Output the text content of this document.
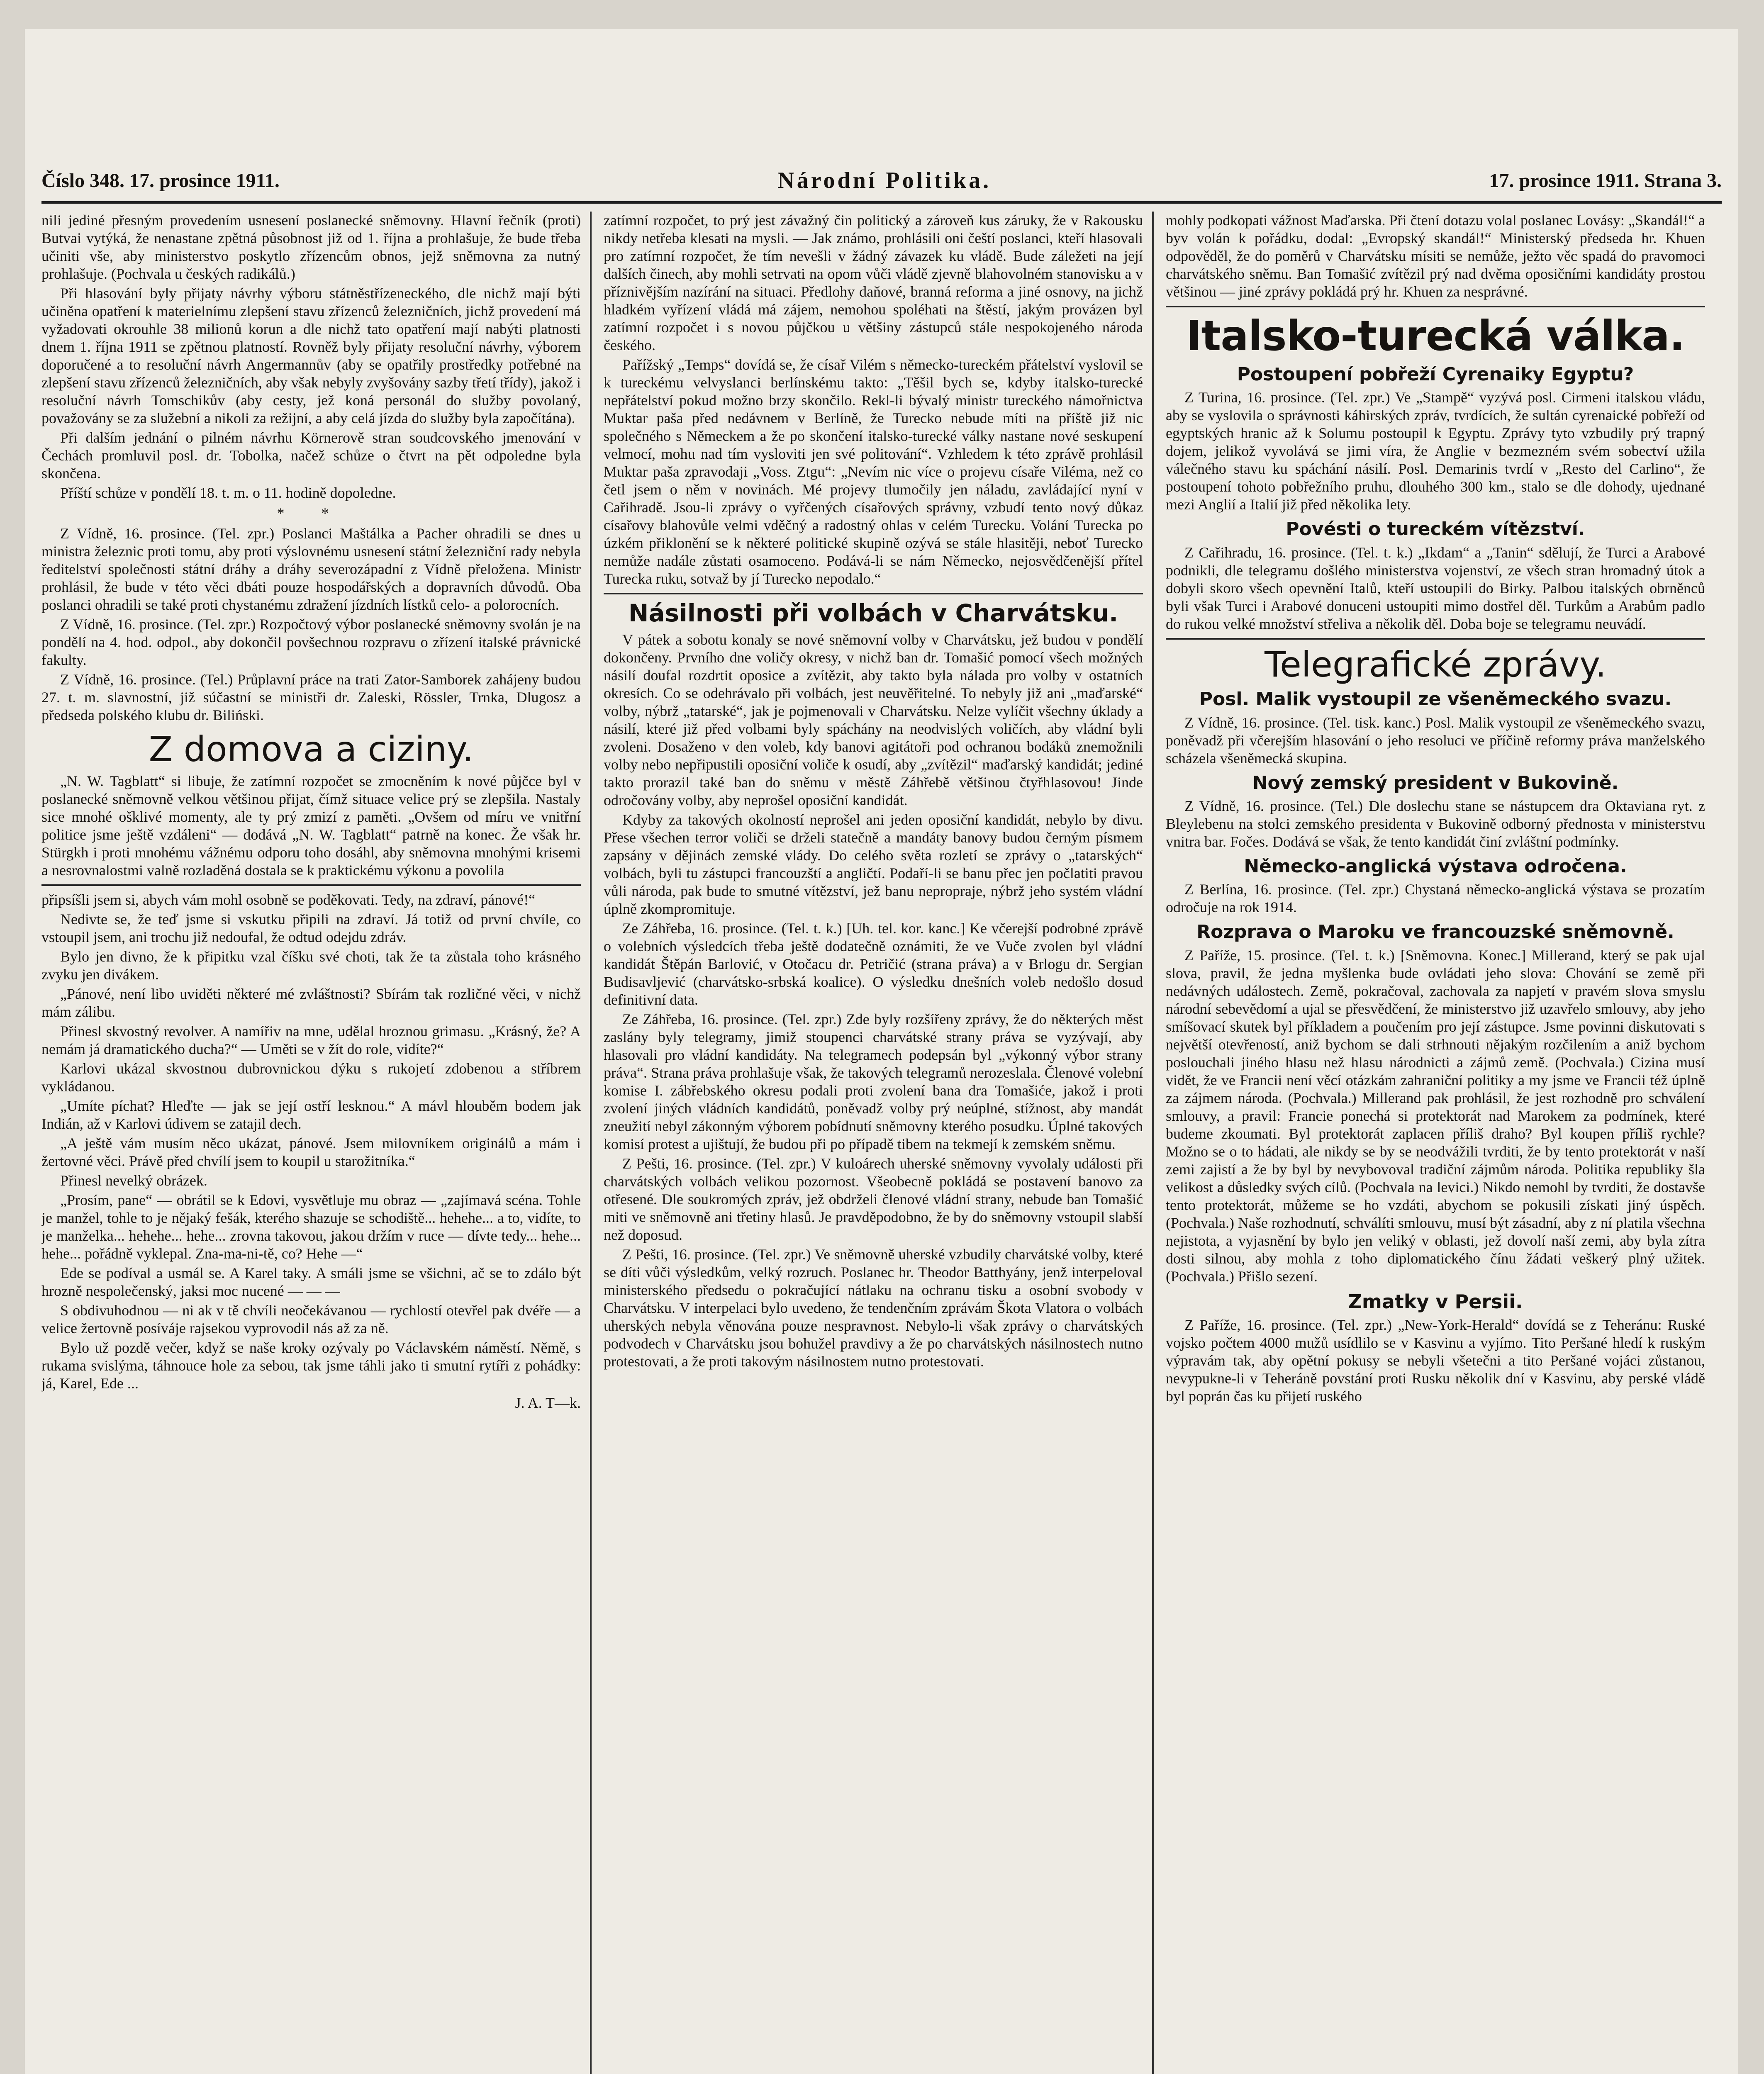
Číslo 348. 17. prosince 1911.	Národní Politika.	17. prosince 1911. Strana 3.

nili jediné přesným provedením usnesení poslanecké sněmovny. Hlavní řečník (proti) Butvai vytýká, že nenastane zpětná působnost již od 1. října a prohlašuje, že bude třeba učiniti vše, aby ministerstvo poskytlo zřízencům obnos, jejž sněmovna za nutný prohlašuje. (Pochvala u českých radikálů.)

Při hlasování byly přijaty návrhy výboru státněstřízeneckého, dle nichž mají býti učiněna opatření k materielnímu zlepšení stavu zřízenců železničních, jichž provedení má vyžadovati okrouhle 38 milionů korun a dle nichž tato opatření mají nabýti platnosti dnem 1. října 1911 se zpětnou platností. Rovněž byly přijaty resoluční návrhy, výborem doporučené a to resoluční návrh Angermannův (aby se opatřily prostředky potřebné na zlepšení stavu zřízenců železničních, aby však nebyly zvyšovány sazby třetí třídy), jakož i resoluční návrh Tomschikův (aby cesty, jež koná personál do služby povolaný, považovány se za služební a nikoli za režijní, a aby celá jízda do služby byla započítána).

Při dalším jednání o pilném návrhu Körnerově stran soudcovského jmenování v Čechách promluvil posl. dr. Tobolka, načež schůze o čtvrt na pět odpoledne byla skončena.

Příští schůze v pondělí 18. t. m. o 11. hodině dopoledne.

* *

Z Vídně, 16. prosince. (Tel. zpr.) Poslanci Maštálka a Pacher ohradili se dnes u ministra železnic proti tomu, aby proti výslovnému usnesení státní železniční rady nebyla ředitelství společnosti státní dráhy a dráhy severozápadní z Vídně přeložena. Ministr prohlásil, že bude v této věci dbáti pouze hospodářských a dopravních důvodů. Oba poslanci ohradili se také proti chystanému zdražení jízdních lístků celo- a polorocních.

Z Vídně, 16. prosince. (Tel. zpr.) Rozpočtový výbor poslanecké sněmovny svolán je na pondělí na 4. hod. odpol., aby dokončil povšechnou rozpravu o zřízení italské právnické fakulty.

Z Vídně, 16. prosince. (Tel.) Průplavní práce na trati Zator-Samborek zahájeny budou 27. t. m. slavnostní, již súčastní se ministři dr. Zaleski, Rössler, Trnka, Dlugosz a předseda polského klubu dr. Biliński.

Z domova a ciziny.

„N. W. Tagblatt“ si libuje, že zatímní rozpočet se zmocněním k nové půjčce byl v poslanecké sněmovně velkou většinou přijat, čímž situace velice prý se zlepšila. Nastaly sice mnohé ošklivé momenty, ale ty prý zmizí z paměti. „Ovšem od míru ve vnitřní politice jsme ještě vzdáleni“ — dodává „N. W. Tagblatt“ patrně na konec. Že však hr. Stürgkh i proti mnohému vážnému odporu toho dosáhl, aby sněmovna mnohými krisemi a nesrovnalostmi valně rozladěná dostala se k praktickému výkonu a povolila

připsíšli jsem si, abych vám mohl osobně se poděkovati. Tedy, na zdraví, pánové!“

Nedivte se, že teď jsme si vskutku připili na zdraví. Já totiž od první chvíle, co vstoupil jsem, ani trochu již nedoufal, že odtud odejdu zdráv.

Bylo jen divno, že k připitku vzal číšku své choti, tak že ta zůstala toho krásného zvyku jen divákem.

„Pánové, není libo uviděti některé mé zvláštnosti? Sbírám tak rozličné věci, v nichž mám zálibu.

Přinesl skvostný revolver. A namířiv na mne, udělal hroznou grimasu. „Krásný, že? A nemám já dramatického ducha?“ — Uměti se v žít do role, vidíte?“

Karlovi ukázal skvostnou dubrovnickou dýku s rukojetí zdobenou a stříbrem vykládanou.

„Umíte píchat? Hleďte — jak se její ostří lesknou.“ A mávl hlouběm bodem jak Indián, až v Karlovi údivem se zatajil dech.

„A ještě vám musím něco ukázat, pánové. Jsem milovníkem originálů a mám i žertovné věci. Právě před chvílí jsem to koupil u starožitníka.“

Přinesl nevelký obrázek.

„Prosím, pane“ — obrátil se k Edovi, vysvětluje mu obraz — „zajímavá scéna. Tohle je manžel, tohle to je nějaký fešák, kterého shazuje se schodiště... hehehe... a to, vidíte, to je manželka... hehehe... hehe... zrovna takovou, jakou držím v ruce — dívte tedy... hehe... hehe... pořádně vyklepal. Zna-ma-ni-tě, co? Hehe —“

Ede se podíval a usmál se. A Karel taky. A smáli jsme se všichni, ač se to zdálo být hrozně nespolečenský, jaksi moc nucené — — —

S obdivuhodnou — ni ak v tě chvíli neočekávanou — rychlostí otevřel pak dvéře — a velice žertovně posíváje rajsekou vyprovodil nás až za ně.

Bylo už pozdě večer, když se naše kroky ozývaly po Václavském náměstí. Němě, s rukama svislýma, táhnouce hole za sebou, tak jsme táhli jako ti smutní rytíři z pohádky: já, Karel, Ede ...

J. A. T—k.

zatímní rozpočet, to prý jest závažný čin politický a zároveň kus záruky, že v Rakousku nikdy netřeba klesati na mysli. — Jak známo, prohlásili oni čeští poslanci, kteří hlasovali pro zatímní rozpočet, že tím nevešli v žádný závazek ku vládě. Bude záležeti na její dalších činech, aby mohli setrvati na opom vůči vládě zjevně blahovolném stanovisku a v příznivějším nazírání na situaci. Předlohy daňové, branná reforma a jiné osnovy, na jichž hladkém vyřízení vládá má zájem, nemohou spoléhati na štěstí, jakým provázen byl zatímní rozpočet i s novou půjčkou u většiny zástupců stále nespokojeného národa českého.

Pařížský „Temps“ dovídá se, že císař Vilém s německo-tureckém přátelství vyslovil se k tureckému velvyslanci berlínskému takto: „Těšil bych se, kdyby italsko-turecké nepřátelství pokud možno brzy skončilo. Rekl-li bývalý ministr tureckého námořnictva Muktar paša před nedávnem v Berlíně, že Turecko nebude míti na příště již nic společného s Německem a že po skončení italsko-turecké války nastane nové seskupení velmocí, mohu nad tím vysloviti jen své politování“. Vzhledem k této zprávě prohlásil Muktar paša zpravodaji „Voss. Ztgu“: „Nevím nic více o projevu císaře Viléma, než co četl jsem o něm v novinách. Mé projevy tlumočily jen náladu, zavládající nyní v Cařihradě. Jsou-li zprávy o vyřčených císařových správny, vzbudí tento nový důkaz císařovy blahovůle velmi vděčný a radostný ohlas v celém Turecku. Volání Turecka po úzkém přiklonění se k některé politické skupině ozývá se stále hlasitěji, neboť Turecko nemůže nadále zůstati osamoceno. Podává-li se nám Německo, nejosvědčenější přítel Turecka ruku, sotvaž by jí Turecko nepodalo.“

Násilnosti při volbách v Charvátsku.

V pátek a sobotu konaly se nové sněmovní volby v Charvátsku, jež budou v pondělí dokončeny. Prvního dne voličy okresy, v nichž ban dr. Tomašić pomocí všech možných násilí doufal rozdrtit oposice a zvítězit, aby takto byla nálada pro volby v ostatních okresích. Co se odehrávalo při volbách, jest neuvěřitelné. To nebyly již ani „maďarské“ volby, nýbrž „tatarské“, jak je pojmenovali v Charvátsku. Nelze vylíčit všechny úklady a násilí, které již před volbami byly spáchány na neodvislých voličích, aby vládní byli zvoleni. Dosaženo v den voleb, kdy banovi agitátoři pod ochranou bodáků znemožnili volby nebo nepřipustili oposiční voliče k osudí, aby „zvítězil“ maďarský kandidát; jediné takto prorazil také ban do sněmu v městě Záhřebě většinou čtyřhlasovou! Jinde odročovány volby, aby neprošel oposiční kandidát.

Kdyby za takových okolností neprošel ani jeden oposiční kandidát, nebylo by divu. Přese všechen terror voliči se drželi statečně a mandáty banovy budou černým písmem zapsány v dějinách zemské vlády. Do celého světa rozletí se zprávy o „tatarských“ volbách, byli tu zástupci francouzští a angličtí. Podaří-li se banu přec jen počlatiti pravou vůli národa, pak bude to smutné vítězství, jež banu nepropraje, nýbrž jeho systém vládní úplně zkompromituje.

Ze Záhřeba, 16. prosince. (Tel. t. k.) [Uh. tel. kor. kanc.] Ke včerejší podrobné zprávě o volebních výsledcích třeba ještě dodatečně oznámiti, že ve Vuče zvolen byl vládní kandidát Štěpán Barlović, v Otočacu dr. Petričić (strana práva) a v Brlogu dr. Sergian Budisavljević (charvátsko-srbská koalice). O výsledku dnešních voleb nedošlo dosud definitivní data.

Ze Záhřeba, 16. prosince. (Tel. zpr.) Zde byly rozšířeny zprávy, že do některých měst zaslány byly telegramy, jimiž stoupenci charvátské strany práva se vyzývají, aby hlasovali pro vládní kandidáty. Na telegramech podepsán byl „výkonný výbor strany práva“. Strana práva prohlašuje však, že takových telegramů nerozeslala. Členové volební komise I. zábřebského okresu podali proti zvolení bana dra Tomašiće, jakož i proti zvolení jiných vládních kandidátů, poněvadž volby prý neúplné, stížnost, aby mandát zneužití nebyl zákonným výborem pobídnutí sněmovny kterého posudku. Úplné takových komisí protest a ujištují, že budou při po případě tibem na tekmejí k zemském sněmu.

Z Pešti, 16. prosince. (Tel. zpr.) V kuloárech uherské sněmovny vyvolaly události při charvátských volbách velikou pozornost. Všeobecně pokládá se postavení banovo za otřesené. Dle soukromých zpráv, jež obdrželi členové vládní strany, nebude ban Tomašić miti ve sněmovně ani třetiny hlasů. Je pravděpodobno, že by do sněmovny vstoupil slabší než doposud.

Z Pešti, 16. prosince. (Tel. zpr.) Ve sněmovně uherské vzbudily charvátské volby, které se díti vůči výsledkům, velký rozruch. Poslanec hr. Theodor Batthyány, jenž interpeloval ministerského předsedu o pokračující nátlaku na ochranu tisku a osobní svobody v Charvátsku. V interpelaci bylo uvedeno, že tendenčním zprávám Škota Vlatora o volbách uherských nebyla věnována pouze nespravnost. Nebylo-li však zprávy o charvátských podvodech v Charvátsku jsou bohužel pravdivy a že po charvátských násilnostech nutno protestovati, a že proti takovým násilnostem nutno protestovati.

mohly podkopati vážnost Maďarska. Při čtení dotazu volal poslanec Lovásy: „Skandál!“ a byv volán k pořádku, dodal: „Evropský skandál!“ Ministerský předseda hr. Khuen odpověděl, že do poměrů v Charvátsku mísiti se nemůže, ježto věc spadá do pravomoci charvátského sněmu. Ban Tomašić zvítězil prý nad dvěma oposičními kandidáty prostou většinou — jiné zprávy pokládá prý hr. Khuen za nesprávné.

Italsko-turecká válka.
Postoupení pobřeží Cyrenaiky Egyptu?

Z Turina, 16. prosince. (Tel. zpr.) Ve „Stampě“ vyzývá posl. Cirmeni italskou vládu, aby se vyslovila o správnosti káhirských zpráv, tvrdících, že sultán cyrenaické pobřeží od egyptských hranic až k Solumu postoupil k Egyptu. Zprávy tyto vzbudily prý trapný dojem, jelikož vyvolává se jimi víra, že Anglie v bezmezném svém sobectví užila válečného stavu ku spáchání násilí. Posl. Demarinis tvrdí v „Resto del Carlino“, že postoupení tohoto pobřežního pruhu, dlouhého 300 km., stalo se dle dohody, ujednané mezi Anglií a Italií již před několika lety.

Povésti o tureckém vítězství.

Z Cařihradu, 16. prosince. (Tel. t. k.) „Ikdam“ a „Tanin“ sdělují, že Turci a Arabové podnikli, dle telegramu došlého ministerstva vojenství, ze všech stran hromadný útok a dobyli skoro všech opevnění Italů, kteří ustoupili do Birky. Palbou italských obrněnců byli však Turci i Arabové donuceni ustoupiti mimo dostřel děl. Turkům a Arabům padlo do rukou velké množství střeliva a několik děl. Doba boje se telegramu neuvádí.

Telegrafické zprávy.
Posl. Malik vystoupil ze všeněmeckého svazu.

Z Vídně, 16. prosince. (Tel. tisk. kanc.) Posl. Malik vystoupil ze všeněmeckého svazu, poněvadž při včerejším hlasování o jeho resoluci ve příčině reformy práva manželského scházela všeněmecká skupina.

Nový zemský president v Bukovině.

Z Vídně, 16. prosince. (Tel.) Dle doslechu stane se nástupcem dra Oktaviana ryt. z Bleylebenu na stolci zemského presidenta v Bukovině odborný přednosta v ministerstvu vnitra bar. Fočes. Dodává se však, že tento kandidát činí zvláštní podmínky.

Německo-anglická výstava odročena.

Z Berlína, 16. prosince. (Tel. zpr.) Chystaná německo-anglická výstava se prozatím odročuje na rok 1914.

Rozprava o Maroku ve francouzské sněmovně.

Z Paříže, 15. prosince. (Tel. t. k.) [Sněmovna. Konec.] Millerand, který se pak ujal slova, pravil, že jedna myšlenka bude ovládati jeho slova: Chování se země při nedávných událostech. Země, pokračoval, zachovala za napjetí v pravém slova smyslu národní sebevědomí a ujal se přesvědčení, že ministerstvo již uzavřelo smlouvy, aby jeho smíšovací skutek byl příkladem a poučením pro její zástupce. Jsme povinni diskutovati s největší otevřeností, aniž bychom se dali strhnouti nějakým rozčilením a aniž bychom poslouchali jiného hlasu než hlasu národnicti a zájmů země. (Pochvala.) Cizina musí vidět, že ve Francii není věcí otázkám zahraniční politiky a my jsme ve Francii též úplně za zájmem národa. (Pochvala.) Millerand pak prohlásil, že jest rozhodně pro schválení smlouvy, a pravil: Francie ponechá si protektorát nad Marokem za podmínek, které budeme zkoumati. Byl protektorát zaplacen příliš draho? Byl koupen příliš rychle? Možno se o to hádati, ale nikdy se by se neodvážili tvrditi, že by tento protektorát v naší zemi zajistí a že by byl by nevybovoval tradiční zájmům národa. Politika republiky šla velikost a důsledky svých cílů. (Pochvala na levici.) Nikdo nemohl by tvrditi, že dostavše tento protektorát, můžeme se ho vzdáti, abychom se pokusili získati jiný úspěch. (Pochvala.) Naše rozhodnutí, schválíti smlouvu, musí být zásadní, aby z ní platila všechna nejistota, a vyjasnění by bylo jen veliký v oblasti, jež dovolí naší zemi, aby byla zítra dosti silnou, aby mohla z toho diplomatického čínu žádati veškerý plný užitek. (Pochvala.) Přišlo sezení.

Zmatky v Persii.

Z Paříže, 16. prosince. (Tel. zpr.) „New-York-Herald“ dovídá se z Teheránu: Ruské vojsko počtem 4000 mužů usídlilo se v Kasvinu a vyjímo. Tito Peršané hledí k ruským výpravám tak, aby opětní pokusy se nebyli všetečni a tito Peršané vojáci zůstanou, nevypukne-li v Teheráně povstání proti Rusku několik dní v Kasvinu, aby perské vládě byl poprán čas ku přijetí ruského
